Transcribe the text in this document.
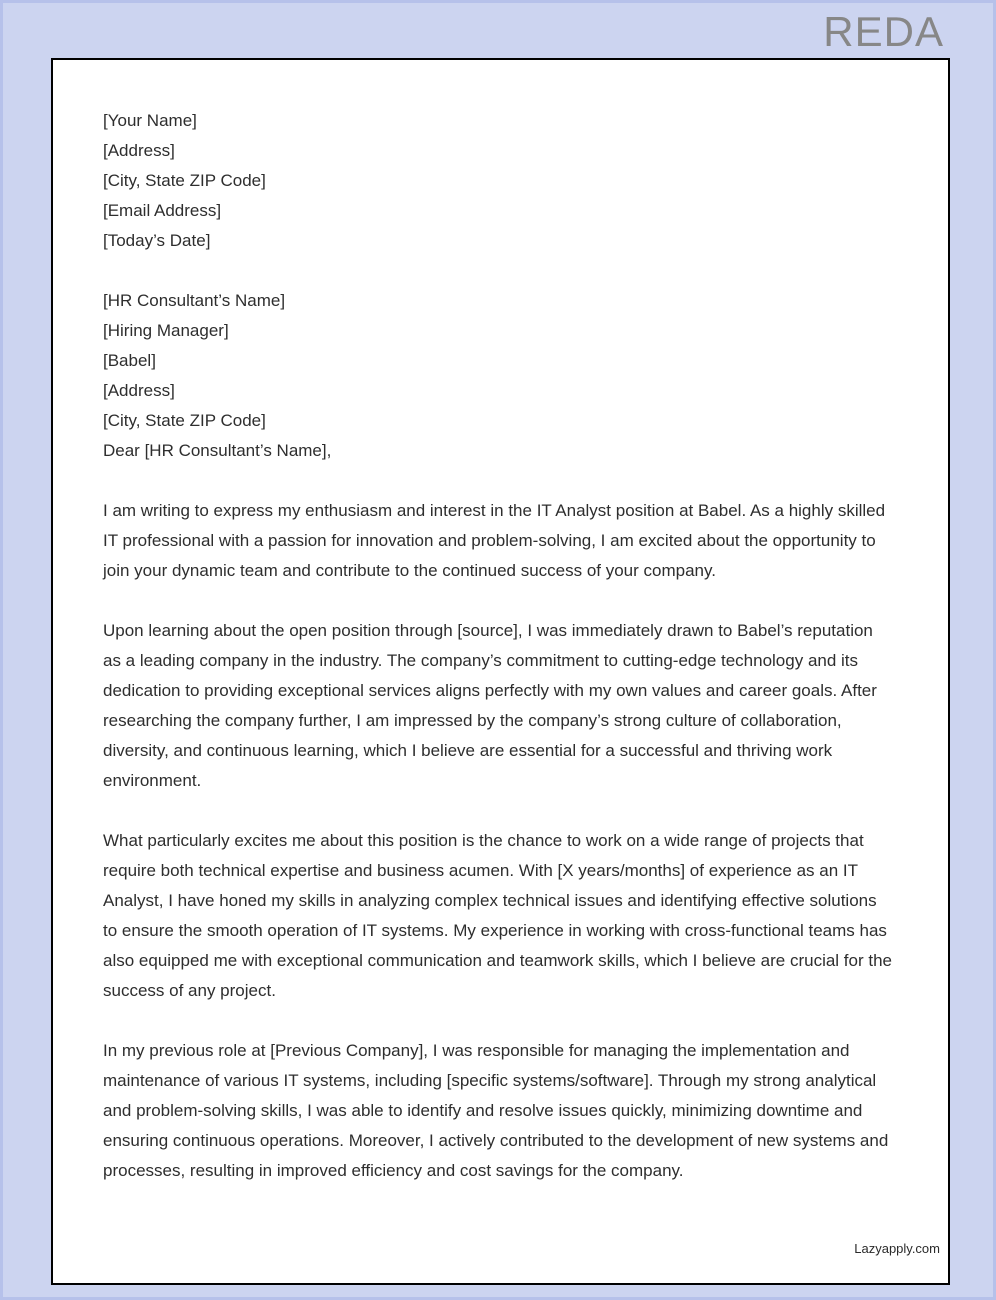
REDA
[Your Name]
[Address]
[City, State ZIP Code]
[Email Address]
[Today’s Date]
[HR Consultant’s Name]
[Hiring Manager]
[Babel]
[Address]
[City, State ZIP Code]

Dear [HR Consultant’s Name],

I am writing to express my enthusiasm and interest in the IT Analyst position at Babel. As a highly skilled IT professional with a passion for innovation and problem-solving, I am excited about the opportunity to join your dynamic team and contribute to the continued success of your company.

Upon learning about the open position through [source], I was immediately drawn to Babel’s reputation as a leading company in the industry. The company’s commitment to cutting-edge technology and its dedication to providing exceptional services aligns perfectly with my own values and career goals. After researching the company further, I am impressed by the company’s strong culture of collaboration, diversity, and continuous learning, which I believe are essential for a successful and thriving work environment.

What particularly excites me about this position is the chance to work on a wide range of projects that require both technical expertise and business acumen. With [X years/months] of experience as an IT Analyst, I have honed my skills in analyzing complex technical issues and identifying effective solutions to ensure the smooth operation of IT systems. My experience in working with cross-functional teams has also equipped me with exceptional communication and teamwork skills, which I believe are crucial for the success of any project.

In my previous role at [Previous Company], I was responsible for managing the implementation and maintenance of various IT systems, including [specific systems/software]. Through my strong analytical and problem-solving skills, I was able to identify and resolve issues quickly, minimizing downtime and ensuring continuous operations. Moreover, I actively contributed to the development of new systems and processes, resulting in improved efficiency and cost savings for the company.

Lazyapply.com
